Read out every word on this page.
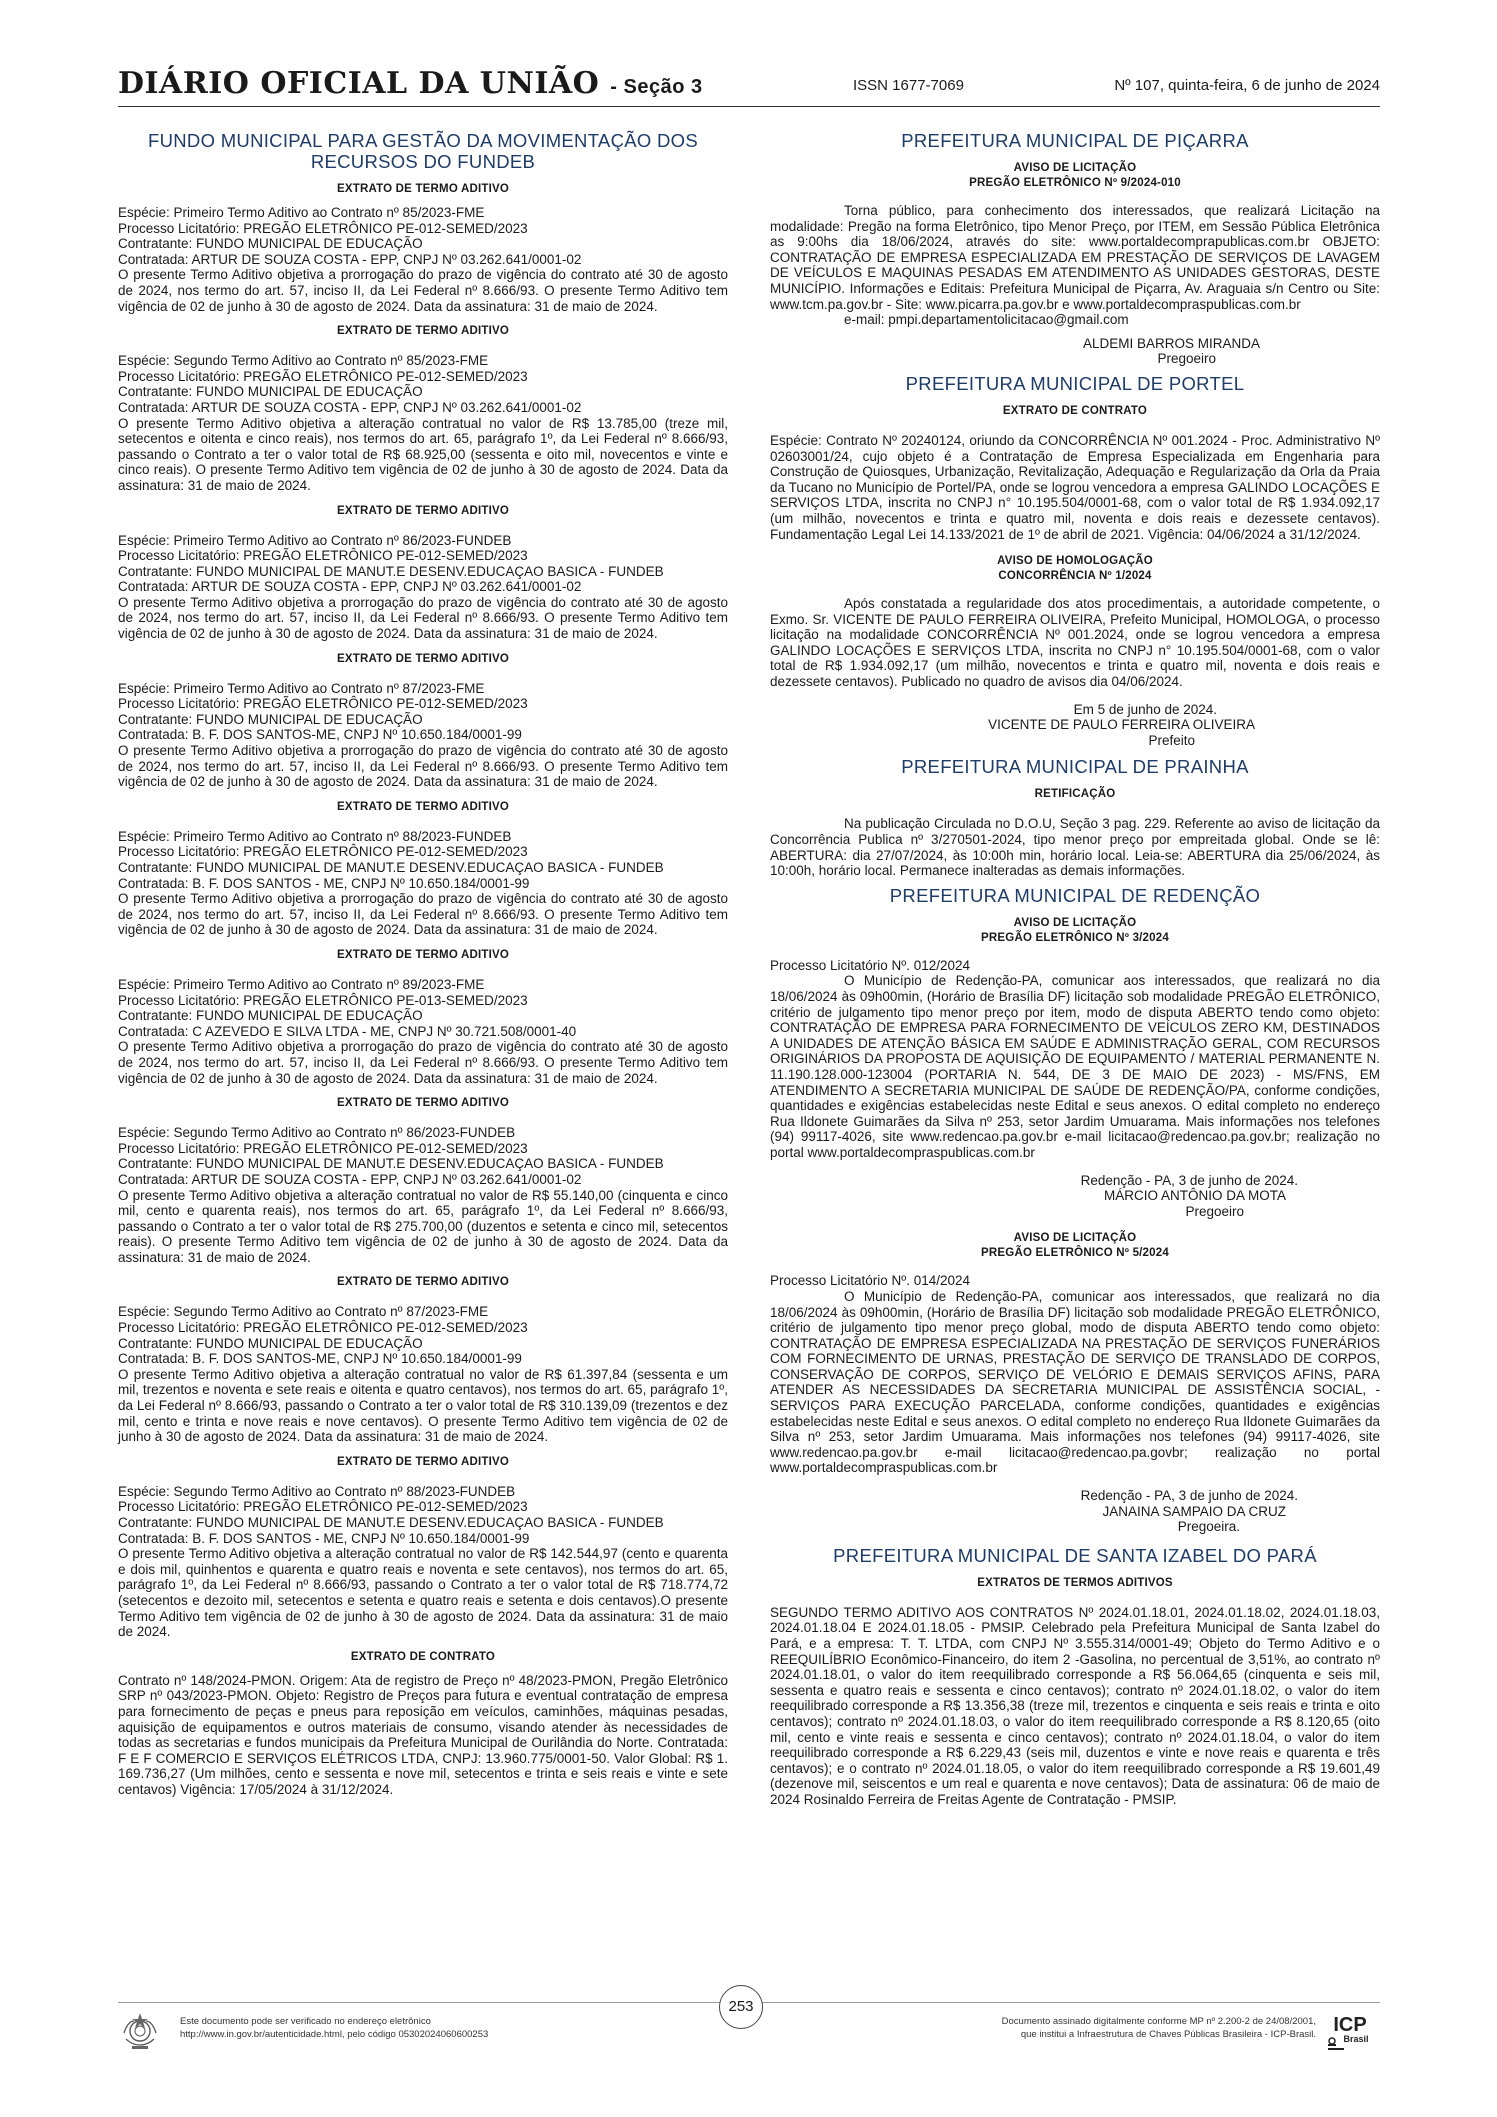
DIÁRIO OFICIAL DA UNIÃO - Seção 3	ISSN 1677-7069	Nº 107, quinta-feira, 6 de junho de 2024
FUNDO MUNICIPAL PARA GESTÃO DA MOVIMENTAÇÃO DOS RECURSOS DO FUNDEB
EXTRATO DE TERMO ADITIVO

Espécie: Primeiro Termo Aditivo ao Contrato nº 85/2023-FME

Processo Licitatório: PREGÃO ELETRÔNICO PE-012-SEMED/2023

Contratante: FUNDO MUNICIPAL DE EDUCAÇÃO

Contratada: ARTUR DE SOUZA COSTA - EPP, CNPJ Nº 03.262.641/0001-02

O presente Termo Aditivo objetiva a prorrogação do prazo de vigência do contrato até 30 de agosto de 2024, nos termo do art. 57, inciso II, da Lei Federal nº 8.666/93. O presente Termo Aditivo tem vigência de 02 de junho à 30 de agosto de 2024. Data da assinatura: 31 de maio de 2024.

EXTRATO DE TERMO ADITIVO

Espécie: Segundo Termo Aditivo ao Contrato nº 85/2023-FME

Processo Licitatório: PREGÃO ELETRÔNICO PE-012-SEMED/2023

Contratante: FUNDO MUNICIPAL DE EDUCAÇÃO

Contratada: ARTUR DE SOUZA COSTA - EPP, CNPJ Nº 03.262.641/0001-02

O presente Termo Aditivo objetiva a alteração contratual no valor de R$ 13.785,00 (treze mil, setecentos e oitenta e cinco reais), nos termos do art. 65, parágrafo 1º, da Lei Federal nº 8.666/93, passando o Contrato a ter o valor total de R$ 68.925,00 (sessenta e oito mil, novecentos e vinte e cinco reais). O presente Termo Aditivo tem vigência de 02 de junho à 30 de agosto de 2024. Data da assinatura: 31 de maio de 2024.

EXTRATO DE TERMO ADITIVO

Espécie: Primeiro Termo Aditivo ao Contrato nº 86/2023-FUNDEB

Processo Licitatório: PREGÃO ELETRÔNICO PE-012-SEMED/2023

Contratante: FUNDO MUNICIPAL DE MANUT.E DESENV.EDUCAÇAO BASICA - FUNDEB

Contratada: ARTUR DE SOUZA COSTA - EPP, CNPJ Nº 03.262.641/0001-02

O presente Termo Aditivo objetiva a prorrogação do prazo de vigência do contrato até 30 de agosto de 2024, nos termo do art. 57, inciso II, da Lei Federal nº 8.666/93. O presente Termo Aditivo tem vigência de 02 de junho à 30 de agosto de 2024. Data da assinatura: 31 de maio de 2024.

EXTRATO DE TERMO ADITIVO

Espécie: Primeiro Termo Aditivo ao Contrato nº 87/2023-FME

Processo Licitatório: PREGÃO ELETRÔNICO PE-012-SEMED/2023

Contratante: FUNDO MUNICIPAL DE EDUCAÇÃO

Contratada: B. F. DOS SANTOS-ME, CNPJ Nº 10.650.184/0001-99

O presente Termo Aditivo objetiva a prorrogação do prazo de vigência do contrato até 30 de agosto de 2024, nos termo do art. 57, inciso II, da Lei Federal nº 8.666/93. O presente Termo Aditivo tem vigência de 02 de junho à 30 de agosto de 2024. Data da assinatura: 31 de maio de 2024.

EXTRATO DE TERMO ADITIVO

Espécie: Primeiro Termo Aditivo ao Contrato nº 88/2023-FUNDEB

Processo Licitatório: PREGÃO ELETRÔNICO PE-012-SEMED/2023

Contratante: FUNDO MUNICIPAL DE MANUT.E DESENV.EDUCAÇAO BASICA - FUNDEB

Contratada: B. F. DOS SANTOS - ME, CNPJ Nº 10.650.184/0001-99

O presente Termo Aditivo objetiva a prorrogação do prazo de vigência do contrato até 30 de agosto de 2024, nos termo do art. 57, inciso II, da Lei Federal nº 8.666/93. O presente Termo Aditivo tem vigência de 02 de junho à 30 de agosto de 2024. Data da assinatura: 31 de maio de 2024.

EXTRATO DE TERMO ADITIVO

Espécie: Primeiro Termo Aditivo ao Contrato nº 89/2023-FME

Processo Licitatório: PREGÃO ELETRÔNICO PE-013-SEMED/2023

Contratante: FUNDO MUNICIPAL DE EDUCAÇÃO

Contratada: C AZEVEDO E SILVA LTDA - ME, CNPJ Nº 30.721.508/0001-40

O presente Termo Aditivo objetiva a prorrogação do prazo de vigência do contrato até 30 de agosto de 2024, nos termo do art. 57, inciso II, da Lei Federal nº 8.666/93. O presente Termo Aditivo tem vigência de 02 de junho à 30 de agosto de 2024. Data da assinatura: 31 de maio de 2024.

EXTRATO DE TERMO ADITIVO

Espécie: Segundo Termo Aditivo ao Contrato nº 86/2023-FUNDEB

Processo Licitatório: PREGÃO ELETRÔNICO PE-012-SEMED/2023

Contratante: FUNDO MUNICIPAL DE MANUT.E DESENV.EDUCAÇAO BASICA - FUNDEB

Contratada: ARTUR DE SOUZA COSTA - EPP, CNPJ Nº 03.262.641/0001-02

O presente Termo Aditivo objetiva a alteração contratual no valor de R$ 55.140,00 (cinquenta e cinco mil, cento e quarenta reais), nos termos do art. 65, parágrafo 1º, da Lei Federal nº 8.666/93, passando o Contrato a ter o valor total de R$ 275.700,00 (duzentos e setenta e cinco mil, setecentos reais). O presente Termo Aditivo tem vigência de 02 de junho à 30 de agosto de 2024. Data da assinatura: 31 de maio de 2024.

EXTRATO DE TERMO ADITIVO

Espécie: Segundo Termo Aditivo ao Contrato nº 87/2023-FME

Processo Licitatório: PREGÃO ELETRÔNICO PE-012-SEMED/2023

Contratante: FUNDO MUNICIPAL DE EDUCAÇÃO

Contratada: B. F. DOS SANTOS-ME, CNPJ Nº 10.650.184/0001-99

O presente Termo Aditivo objetiva a alteração contratual no valor de R$ 61.397,84 (sessenta e um mil, trezentos e noventa e sete reais e oitenta e quatro centavos), nos termos do art. 65, parágrafo 1º, da Lei Federal nº 8.666/93, passando o Contrato a ter o valor total de R$ 310.139,09 (trezentos e dez mil, cento e trinta e nove reais e nove centavos). O presente Termo Aditivo tem vigência de 02 de junho à 30 de agosto de 2024. Data da assinatura: 31 de maio de 2024.

EXTRATO DE TERMO ADITIVO

Espécie: Segundo Termo Aditivo ao Contrato nº 88/2023-FUNDEB

Processo Licitatório: PREGÃO ELETRÔNICO PE-012-SEMED/2023

Contratante: FUNDO MUNICIPAL DE MANUT.E DESENV.EDUCAÇAO BASICA - FUNDEB

Contratada: B. F. DOS SANTOS - ME, CNPJ Nº 10.650.184/0001-99

O presente Termo Aditivo objetiva a alteração contratual no valor de R$ 142.544,97 (cento e quarenta e dois mil, quinhentos e quarenta e quatro reais e noventa e sete centavos), nos termos do art. 65, parágrafo 1º, da Lei Federal nº 8.666/93, passando o Contrato a ter o valor total de R$ 718.774,72 (setecentos e dezoito mil, setecentos e setenta e quatro reais e setenta e dois centavos).O presente Termo Aditivo tem vigência de 02 de junho à 30 de agosto de 2024. Data da assinatura: 31 de maio de 2024.

EXTRATO DE CONTRATO

Contrato nº 148/2024-PMON. Origem: Ata de registro de Preço nº 48/2023-PMON, Pregão Eletrônico SRP nº 043/2023-PMON. Objeto: Registro de Preços para futura e eventual contratação de empresa para fornecimento de peças e pneus para reposição em veículos, caminhões, máquinas pesadas, aquisição de equipamentos e outros materiais de consumo, visando atender às necessidades de todas as secretarias e fundos municipais da Prefeitura Municipal de Ourilândia do Norte. Contratada: F E F COMERCIO E SERVIÇOS ELÉTRICOS LTDA, CNPJ: 13.960.775/0001-50. Valor Global: R$ 1. 169.736,27 (Um milhões, cento e sessenta e nove mil, setecentos e trinta e seis reais e vinte e sete centavos) Vigência: 17/05/2024 à 31/12/2024.

PREFEITURA MUNICIPAL DE PIÇARRA
AVISO DE LICITAÇÃO
PREGÃO ELETRÔNICO Nº 9/2024-010

Torna público, para conhecimento dos interessados, que realizará Licitação na modalidade: Pregão na forma Eletrônico, tipo Menor Preço, por ITEM, em Sessão Pública Eletrônica as 9:00hs dia 18/06/2024, através do site: www.portaldecomprapublicas.com.br OBJETO: CONTRATAÇÃO DE EMPRESA ESPECIALIZADA EM PRESTAÇÃO DE SERVIÇOS DE LAVAGEM DE VEÍCULOS E MAQUINAS PESADAS EM ATENDIMENTO AS UNIDADES GESTORAS, DESTE MUNICÍPIO. Informações e Editais: Prefeitura Municipal de Piçarra, Av. Araguaia s/n Centro ou Site: www.tcm.pa.gov.br - Site: www.picarra.pa.gov.br e www.portaldecompraspublicas.com.br

e-mail: pmpi.departamentolicitacao@gmail.com

ALDEMI BARROS MIRANDA

Pregoeiro

PREFEITURA MUNICIPAL DE PORTEL
EXTRATO DE CONTRATO

Espécie: Contrato Nº 20240124, oriundo da CONCORRÊNCIA Nº 001.2024 - Proc. Administrativo Nº 02603001/24, cujo objeto é a Contratação de Empresa Especializada em Engenharia para Construção de Quiosques, Urbanização, Revitalização, Adequação e Regularização da Orla da Praia da Tucano no Município de Portel/PA, onde se logrou vencedora a empresa GALINDO LOCAÇÕES E SERVIÇOS LTDA, inscrita no CNPJ n° 10.195.504/0001-68, com o valor total de R$ 1.934.092,17 (um milhão, novecentos e trinta e quatro mil, noventa e dois reais e dezessete centavos). Fundamentação Legal Lei 14.133/2021 de 1º de abril de 2021. Vigência: 04/06/2024 a 31/12/2024.

AVISO DE HOMOLOGAÇÃO
CONCORRÊNCIA Nº 1/2024

Após constatada a regularidade dos atos procedimentais, a autoridade competente, o Exmo. Sr. VICENTE DE PAULO FERREIRA OLIVEIRA, Prefeito Municipal, HOMOLOGA, o processo licitação na modalidade CONCORRÊNCIA Nº 001.2024, onde se logrou vencedora a empresa GALINDO LOCAÇÕES E SERVIÇOS LTDA, inscrita no CNPJ n° 10.195.504/0001-68, com o valor total de R$ 1.934.092,17 (um milhão, novecentos e trinta e quatro mil, noventa e dois reais e dezessete centavos). Publicado no quadro de avisos dia 04/06/2024.

Em 5 de junho de 2024.

VICENTE DE PAULO FERREIRA OLIVEIRA

Prefeito

PREFEITURA MUNICIPAL DE PRAINHA
RETIFICAÇÃO

Na publicação Circulada no D.O.U, Seção 3 pag. 229. Referente ao aviso de licitação da Concorrência Publica nº 3/270501-2024, tipo menor preço por empreitada global. Onde se lê: ABERTURA: dia 27/07/2024, às 10:00h min, horário local. Leia-se: ABERTURA dia 25/06/2024, às 10:00h, horário local. Permanece inalteradas as demais informações.

PREFEITURA MUNICIPAL DE REDENÇÃO
AVISO DE LICITAÇÃO
PREGÃO ELETRÔNICO Nº 3/2024

Processo Licitatório Nº. 012/2024

O Município de Redenção-PA, comunicar aos interessados, que realizará no dia 18/06/2024 às 09h00min, (Horário de Brasília DF) licitação sob modalidade PREGÃO ELETRÔNICO, critério de julgamento tipo menor preço por item, modo de disputa ABERTO tendo como objeto: CONTRATAÇÃO DE EMPRESA PARA FORNECIMENTO DE VEÍCULOS ZERO KM, DESTINADOS A UNIDADES DE ATENÇÃO BÁSICA EM SAÚDE E ADMINISTRAÇÃO GERAL, COM RECURSOS ORIGINÁRIOS DA PROPOSTA DE AQUISIÇÃO DE EQUIPAMENTO / MATERIAL PERMANENTE N. 11.190.128.000-123004 (PORTARIA N. 544, DE 3 DE MAIO DE 2023) - MS/FNS, EM ATENDIMENTO A SECRETARIA MUNICIPAL DE SAÚDE DE REDENÇÃO/PA, conforme condições, quantidades e exigências estabelecidas neste Edital e seus anexos. O edital completo no endereço Rua Ildonete Guimarães da Silva nº 253, setor Jardim Umuarama. Mais informações nos telefones (94) 99117-4026, site www.redencao.pa.gov.br e-mail licitacao@redencao.pa.gov.br; realização no portal www.portaldecompraspublicas.com.br

Redenção - PA, 3 de junho de 2024.

MÁRCIO ANTÔNIO DA MOTA

Pregoeiro

AVISO DE LICITAÇÃO
PREGÃO ELETRÔNICO Nº 5/2024

Processo Licitatório Nº. 014/2024

O Município de Redenção-PA, comunicar aos interessados, que realizará no dia 18/06/2024 às 09h00min, (Horário de Brasília DF) licitação sob modalidade PREGÃO ELETRÔNICO, critério de julgamento tipo menor preço global, modo de disputa ABERTO tendo como objeto: CONTRATAÇÃO DE EMPRESA ESPECIALIZADA NA PRESTAÇÃO DE SERVIÇOS FUNERÁRIOS COM FORNECIMENTO DE URNAS, PRESTAÇÃO DE SERVIÇO DE TRANSLADO DE CORPOS, CONSERVAÇÃO DE CORPOS, SERVIÇO DE VELÓRIO E DEMAIS SERVIÇOS AFINS, PARA ATENDER AS NECESSIDADES DA SECRETARIA MUNICIPAL DE ASSISTÊNCIA SOCIAL, - SERVIÇOS PARA EXECUÇÃO PARCELADA, conforme condições, quantidades e exigências estabelecidas neste Edital e seus anexos. O edital completo no endereço Rua Ildonete Guimarães da Silva nº 253, setor Jardim Umuarama. Mais informações nos telefones (94) 99117-4026, site www.redencao.pa.gov.br e-mail licitacao@redencao.pa.govbr; realização no portal www.portaldecompraspublicas.com.br

Redenção - PA, 3 de junho de 2024.

JANAINA SAMPAIO DA CRUZ

Pregoeira.

PREFEITURA MUNICIPAL DE SANTA IZABEL DO PARÁ
EXTRATOS DE TERMOS ADITIVOS

SEGUNDO TERMO ADITIVO AOS CONTRATOS Nº 2024.01.18.01, 2024.01.18.02, 2024.01.18.03, 2024.01.18.04 E 2024.01.18.05 - PMSIP. Celebrado pela Prefeitura Municipal de Santa Izabel do Pará, e a empresa: T. T. LTDA, com CNPJ Nº 3.555.314/0001-49; Objeto do Termo Aditivo e o REEQUILÍBRIO Econômico-Financeiro, do item 2 -Gasolina, no percentual de 3,51%, ao contrato nº 2024.01.18.01, o valor do item reequilibrado corresponde a R$ 56.064,65 (cinquenta e seis mil, sessenta e quatro reais e sessenta e cinco centavos); contrato nº 2024.01.18.02, o valor do item reequilibrado corresponde a R$ 13.356,38 (treze mil, trezentos e cinquenta e seis reais e trinta e oito centavos); contrato nº 2024.01.18.03, o valor do item reequilibrado corresponde a R$ 8.120,65 (oito mil, cento e vinte reais e sessenta e cinco centavos); contrato nº 2024.01.18.04, o valor do item reequilibrado corresponde a R$ 6.229,43 (seis mil, duzentos e vinte e nove reais e quarenta e três centavos); e o contrato nº 2024.01.18.05, o valor do item reequilibrado corresponde a R$ 19.601,49 (dezenove mil, seiscentos e um real e quarenta e nove centavos); Data de assinatura: 06 de maio de 2024 Rosinaldo Ferreira de Freitas Agente de Contratação - PMSIP.

Este documento pode ser verificado no endereço eletrônico
http://www.in.gov.br/autenticidade.html, pelo código 05302024060600253
253
Documento assinado digitalmente conforme MP nº 2.200-2 de 24/08/2001,
que institui a Infraestrutura de Chaves Públicas Brasileira - ICP-Brasil. ICP
Brasil
